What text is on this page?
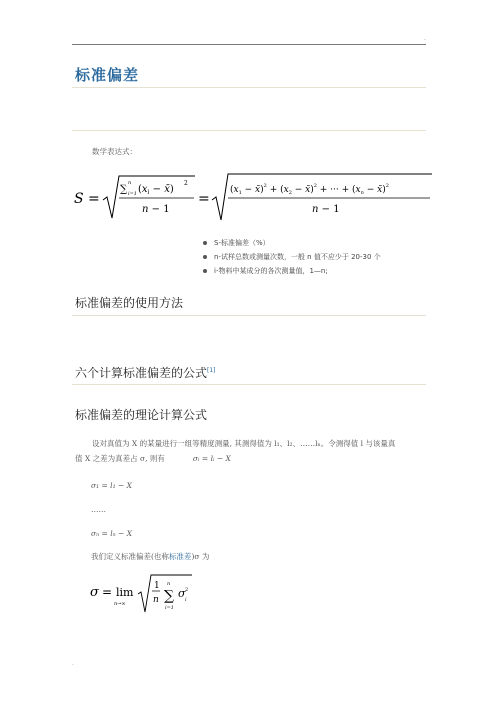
·
标准偏差
数学表达式：
S =
∑
n
i=1 ($x_i$ − x̄)
2
n − 1
=
($x_1$ − x̄)$^2$ + ($x_2$ − x̄)$^2$ + ··· + ($x_n$ − x̄)$^2$
n − 1
S-标准偏差（%）
n-试样总数或测量次数，一般 n 值不应少于 20-30 个
i-物料中某成分的各次测量值，1—n;
标准偏差的使用方法
六个计算标准偏差的公式[1]
标准偏差的理论计算公式
设对真值为 X 的某量进行一组等精度测量, 其测得值为 l₁、l₂、……lₙ。令测得值 l 与该量真
值 X 之差为真差占 σ, 则有	σᵢ = lᵢ − X
σ₁ = l₁ − X
……
σₙ = lₙ − X
我们定义标准偏差(也称标准差)σ 为
σ = lim
n→∞
1
n ∑
n
i=1
σ 2
i
·
